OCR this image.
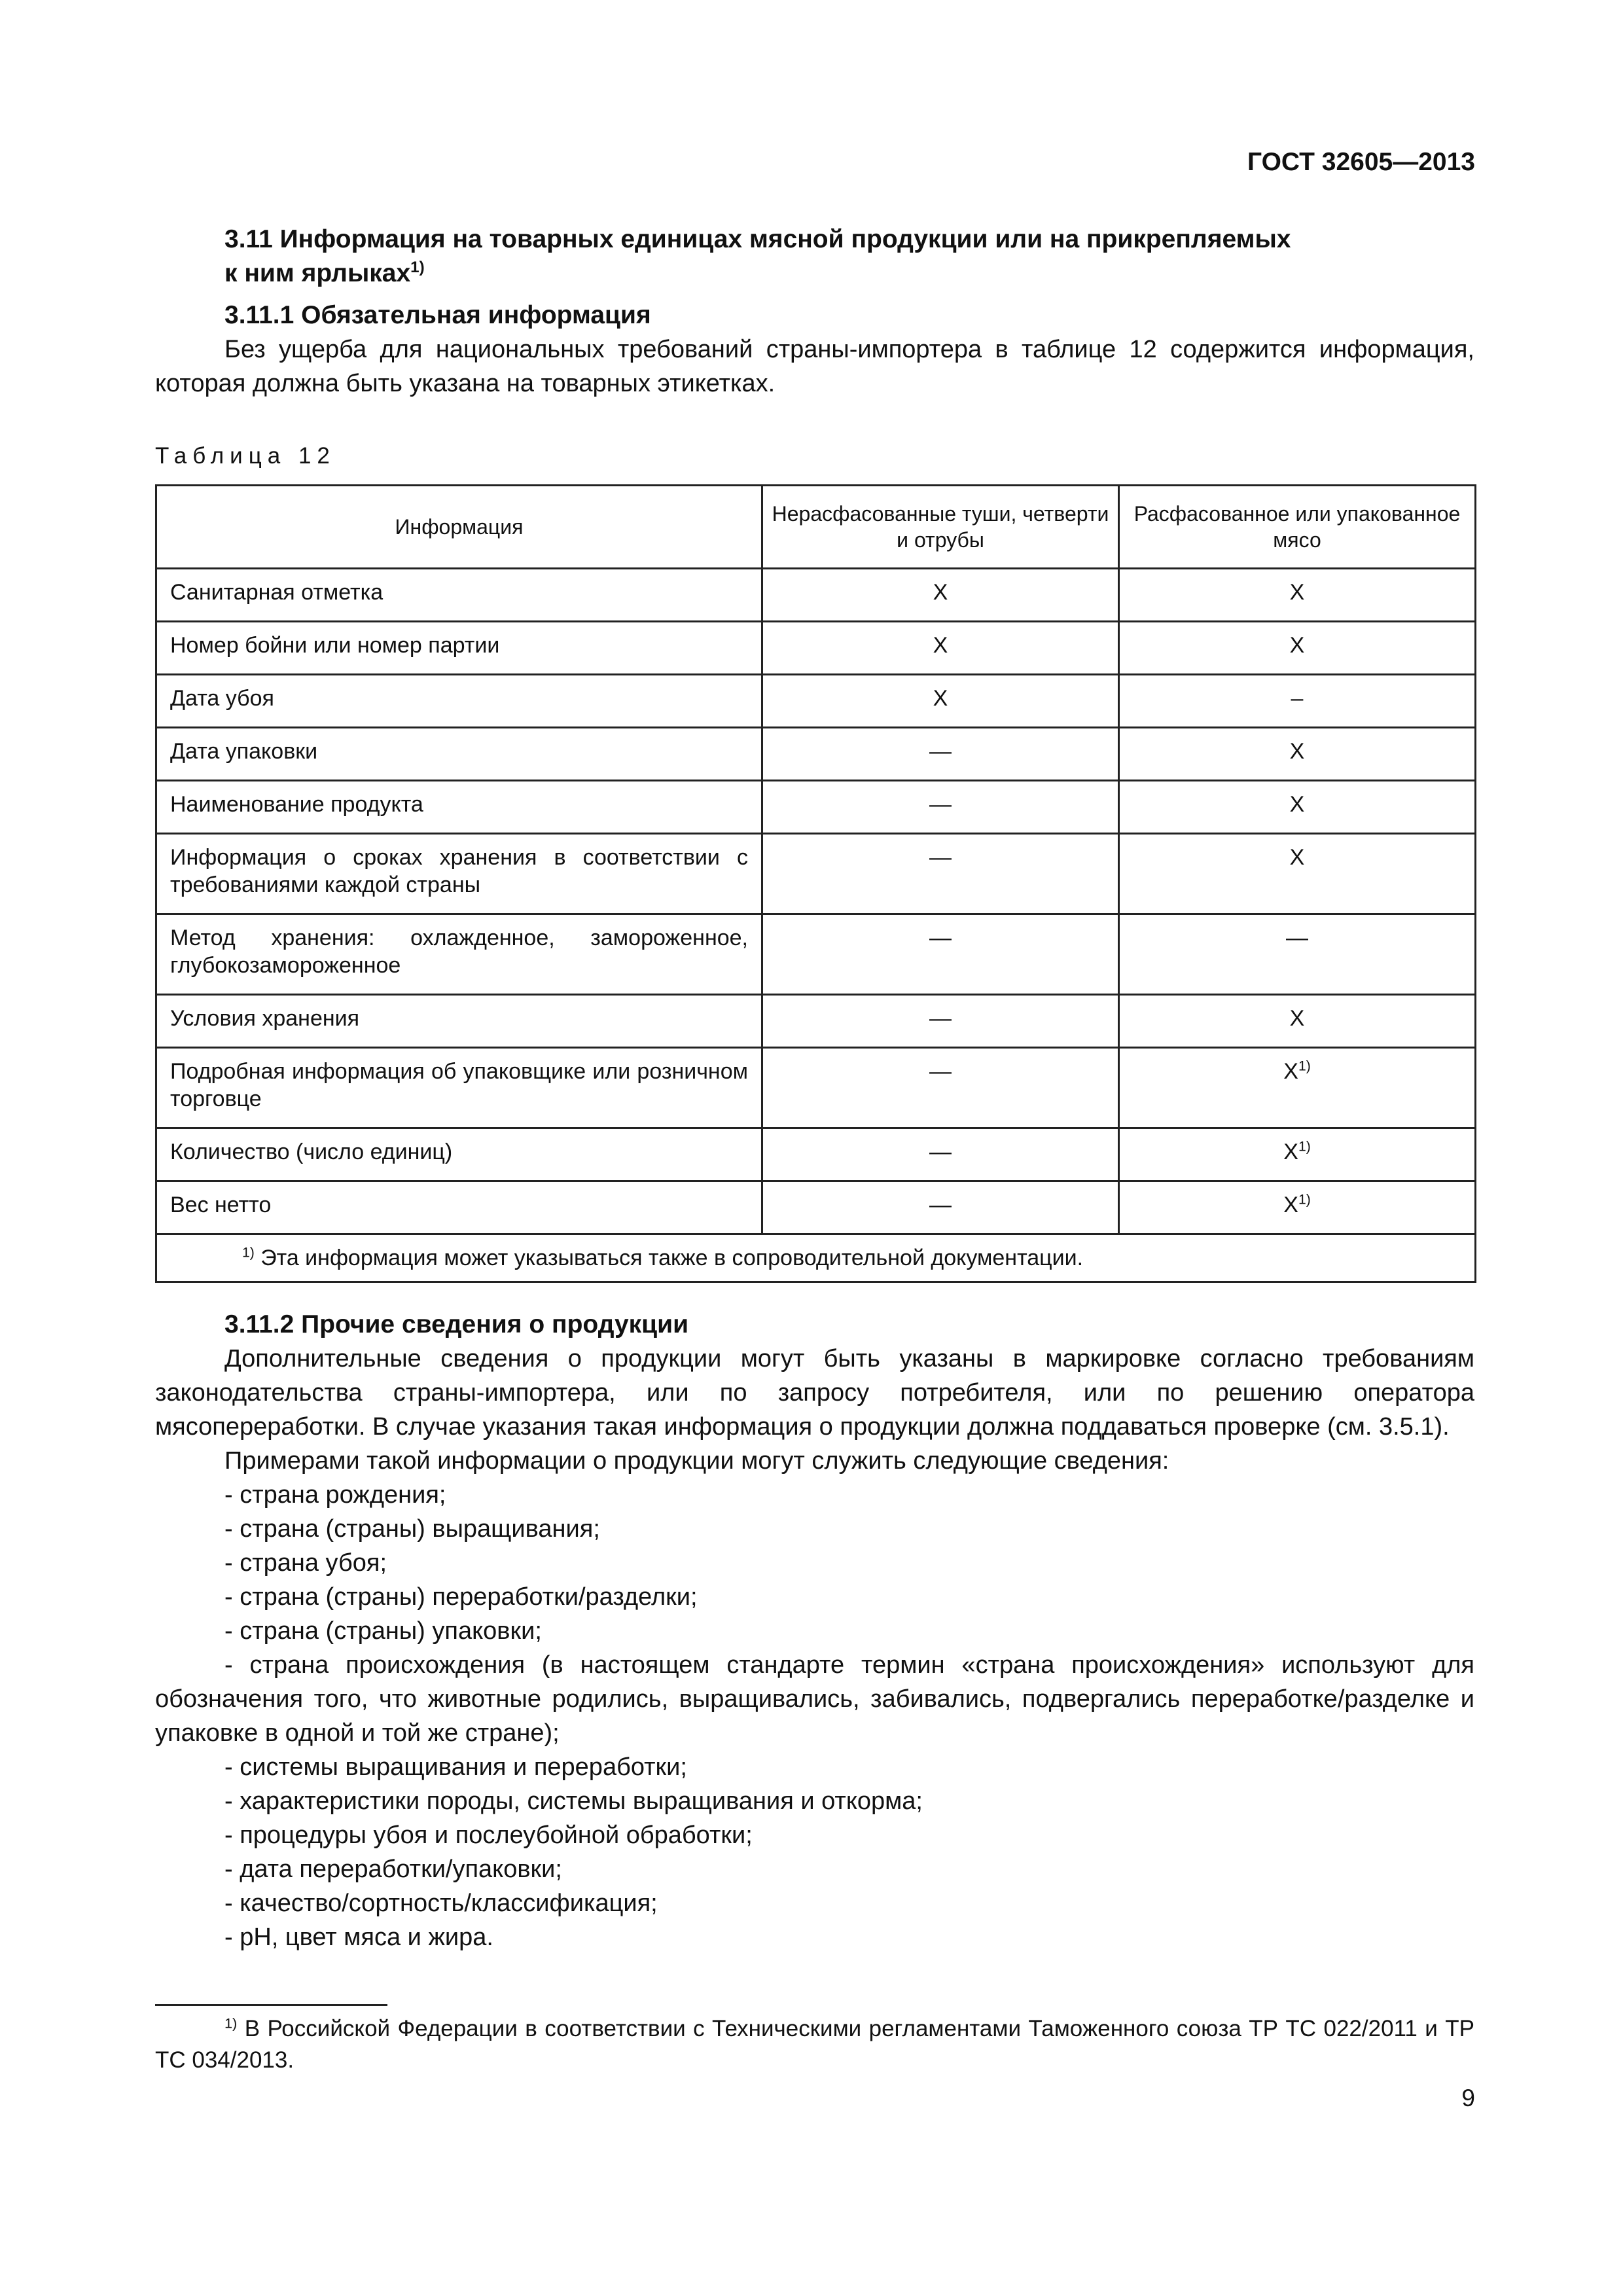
ГОСТ 32605—2013

3.11 Информация на товарных единицах мясной продукции или на прикрепляемых

к ним ярлыках$^{1)}$

3.11.1 Обязательная информация

Без ущерба для национальных требований страны-импортера в таблице 12 содержится информация, которая должна быть указана на товарных этикетках.

Таблица 12

Информация	Нерасфасованные туши, четверти и отрубы	Расфасованное или упакованное мясо
Санитарная отметка	X	X
Номер бойни или номер партии	X	X
Дата убоя	X	–
Дата упаковки	—	X
Наименование продукта	—	X
Информация о сроках хранения в соответствии с требованиями каждой страны	—	X
Метод хранения: охлажденное, замороженное, глубокозамороженное	—	—
Условия хранения	—	X
Подробная информация об упаковщике или розничном торговце	—	$X^{1)}$
Количество (число единиц)	—	$X^{1)}$
Вес нетто	—	$X^{1)}$
$^{1)}$ Эта информация может указываться также в сопроводительной документации.		

3.11.2 Прочие сведения о продукции

Дополнительные сведения о продукции могут быть указаны в маркировке согласно требованиям законодательства страны-импортера, или по запросу потребителя, или по решению оператора мясопереработки. В случае указания такая информация о продукции должна поддаваться проверке (см. 3.5.1).

Примерами такой информации о продукции могут служить следующие сведения:

- страна рождения;
- страна (страны) выращивания;
- страна убоя;
- страна (страны) переработки/разделки;
- страна (страны) упаковки;
- страна происхождения (в настоящем стандарте термин «страна происхождения» используют для обозначения того, что животные родились, выращивались, забивались, подвергались переработке/разделке и упаковке в одной и той же стране);
- системы выращивания и переработки;
- характеристики породы, системы выращивания и откорма;
- процедуры убоя и послеубойной обработки;
- дата переработки/упаковки;
- качество/сортность/классификация;
- pH, цвет мяса и жира.

$^{1)}$ В Российской Федерации в соответствии с Техническими регламентами Таможенного союза ТР ТС 022/2011 и ТР ТС 034/2013.

9
